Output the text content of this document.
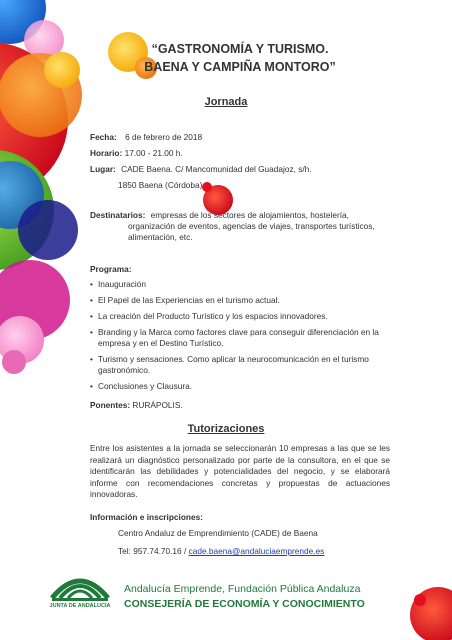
“GASTRONOMÍA Y TURISMO.
BAENA Y CAMPIÑA MONTORO”
Jornada
Fecha: 6 de febrero de 2018
Horario: 17.00 - 21.00 h.
Lugar: CADE Baena. C/ Mancomunidad del Guadajoz, s/h.
1850 Baena (Córdoba)
Destinatarios: empresas de los sectores de alojamientos, hostelería,
organización de eventos, agencias de viajes, transportes turísticos,
alimentación, etc.
Programa:
• Inauguración
• El Papel de las Experiencias en el turismo actual.
• La creación del Producto Turístico y los espacios innovadores.
• Branding y la Marca como factores clave para conseguir diferenciación en la empresa y en el Destino Turístico.
• Turismo y sensaciones. Como aplicar la neurocomunicación en el turismo gastronómico.
• Conclusiones y Clausura.
Ponentes: RURÁPOLIS.
Tutorizaciones
Entre los asistentes a la jornada se seleccionarán 10 empresas a las que se les realizará un diagnóstico personalizado por parte de la consultora, en el que se identificarán las debilidades y potencialidades del negocio, y se elaborará informe con recomendaciones concretas y propuestas de actuaciones innovadoras.
Información e inscripciones:
Centro Andaluz de Emprendimiento (CADE) de Baena
Tel: 957.74.70.16 / cade.baena@andaluciaemprende.es
JUNTA DE ANDALUCIA
Andalucía Emprende, Fundación Pública Andaluza
CONSEJERÍA DE ECONOMÍA Y CONOCIMIENTO
